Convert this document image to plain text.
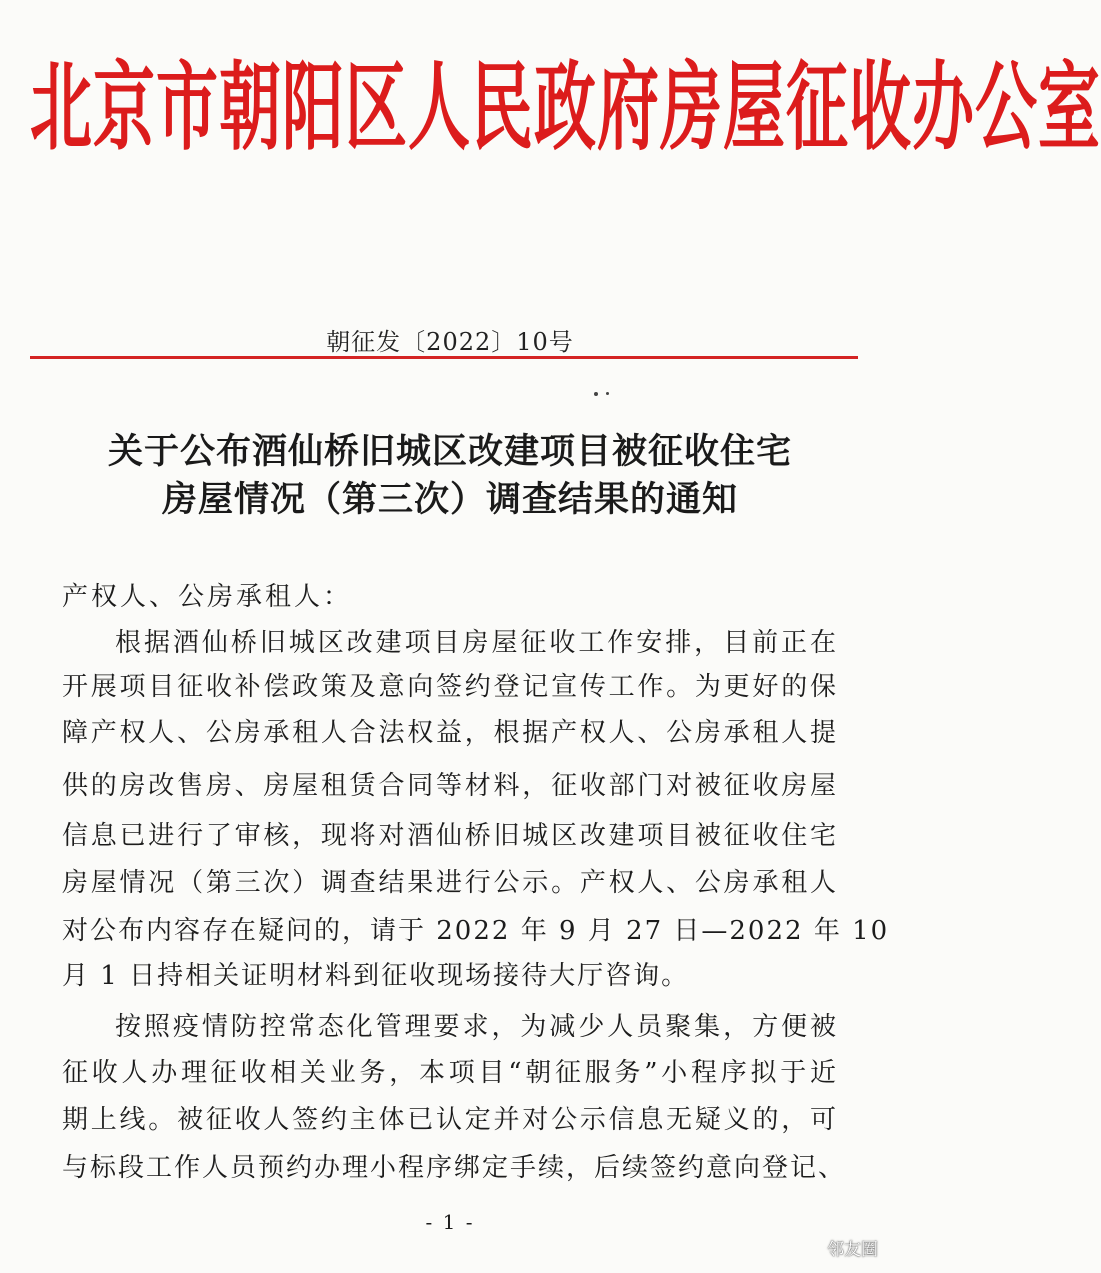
北京市朝阳区人民政府房屋征收办公室
朝征发〔2022〕10号
关于公布酒仙桥旧城区改建项目被征收住宅
房屋情况（第三次）调查结果的通知
产权人、公房承租人：
根据酒仙桥旧城区改建项目房屋征收工作安排，目前正在
开展项目征收补偿政策及意向签约登记宣传工作。为更好的保
障产权人、公房承租人合法权益，根据产权人、公房承租人提
供的房改售房、房屋租赁合同等材料，征收部门对被征收房屋
信息已进行了审核，现将对酒仙桥旧城区改建项目被征收住宅
房屋情况（第三次）调查结果进行公示。产权人、公房承租人
对公布内容存在疑问的，请于 2022 年 9 月 27 日—2022 年 10
月 1 日持相关证明材料到征收现场接待大厅咨询。
按照疫情防控常态化管理要求，为减少人员聚集，方便被
征收人办理征收相关业务，本项目“朝征服务”小程序拟于近
期上线。被征收人签约主体已认定并对公示信息无疑义的，可
与标段工作人员预约办理小程序绑定手续，后续签约意向登记、
- 1 -
邻友圈
